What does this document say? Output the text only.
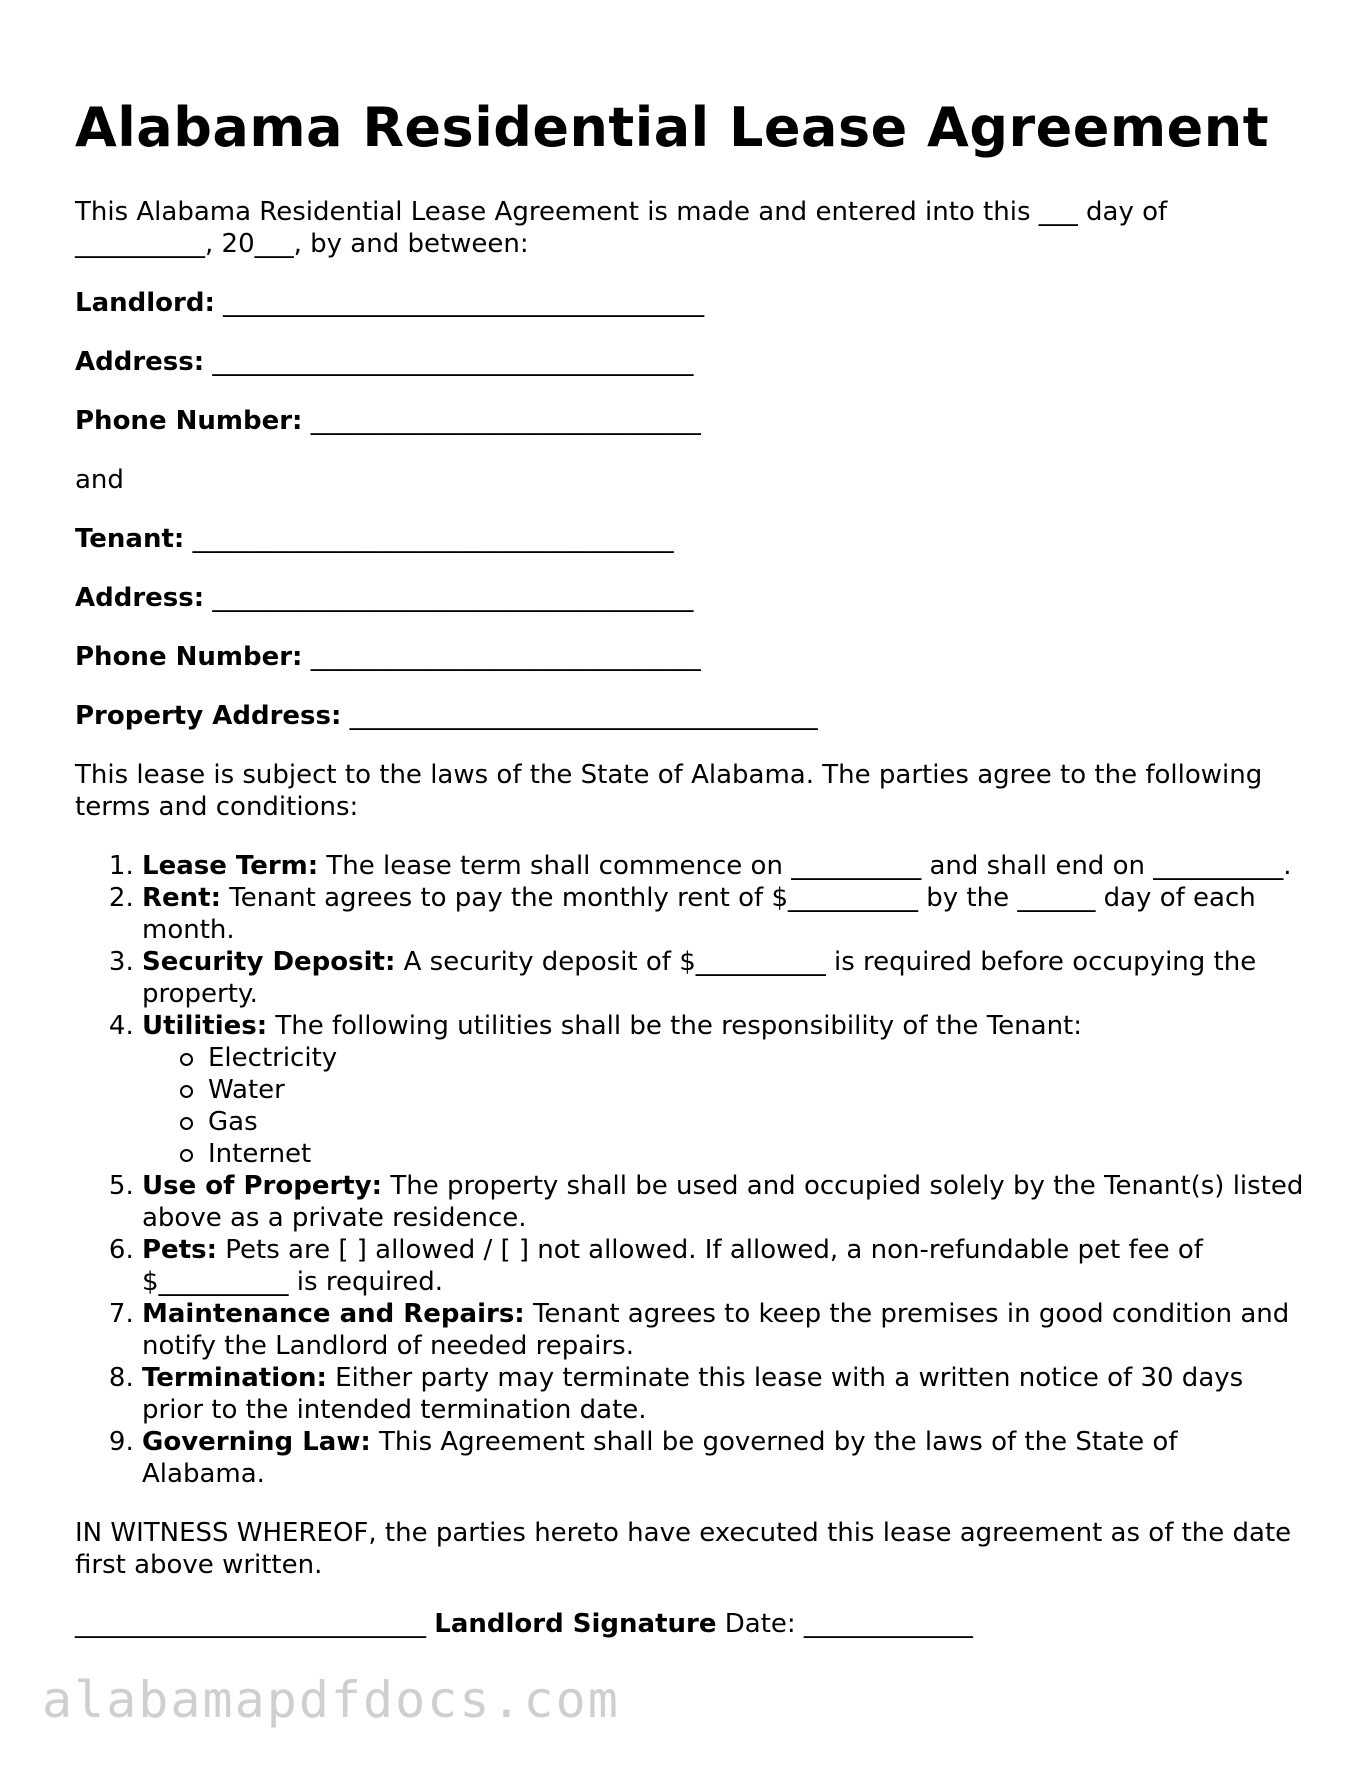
Alabama Residential Lease Agreement

This Alabama Residential Lease Agreement is made and entered into this ___ day of __________, 20___, by and between:

Landlord: _____________________________________
Address: _____________________________________
Phone Number: ______________________________

and

Tenant: _____________________________________
Address: _____________________________________
Phone Number: ______________________________
Property Address: ____________________________________

This lease is subject to the laws of the State of Alabama. The parties agree to the following terms and conditions:

1. Lease Term: The lease term shall commence on __________ and shall end on __________.
2. Rent: Tenant agrees to pay the monthly rent of $__________ by the ______ day of each month.
3. Security Deposit: A security deposit of $__________ is required before occupying the property.
4. Utilities: The following utilities shall be the responsibility of the Tenant:
Electricity
Water
Gas
Internet
5. Use of Property: The property shall be used and occupied solely by the Tenant(s) listed above as a private residence.
6. Pets: Pets are [ ] allowed / [ ] not allowed. If allowed, a non-refundable pet fee of $__________ is required.
7. Maintenance and Repairs: Tenant agrees to keep the premises in good condition and notify the Landlord of needed repairs.
8. Termination: Either party may terminate this lease with a written notice of 30 days prior to the intended termination date.
9. Governing Law: This Agreement shall be governed by the laws of the State of Alabama.

IN WITNESS WHEREOF, the parties hereto have executed this lease agreement as of the date first above written.

___________________________ Landlord Signature Date: _____________
alabamapdfdocs.com
